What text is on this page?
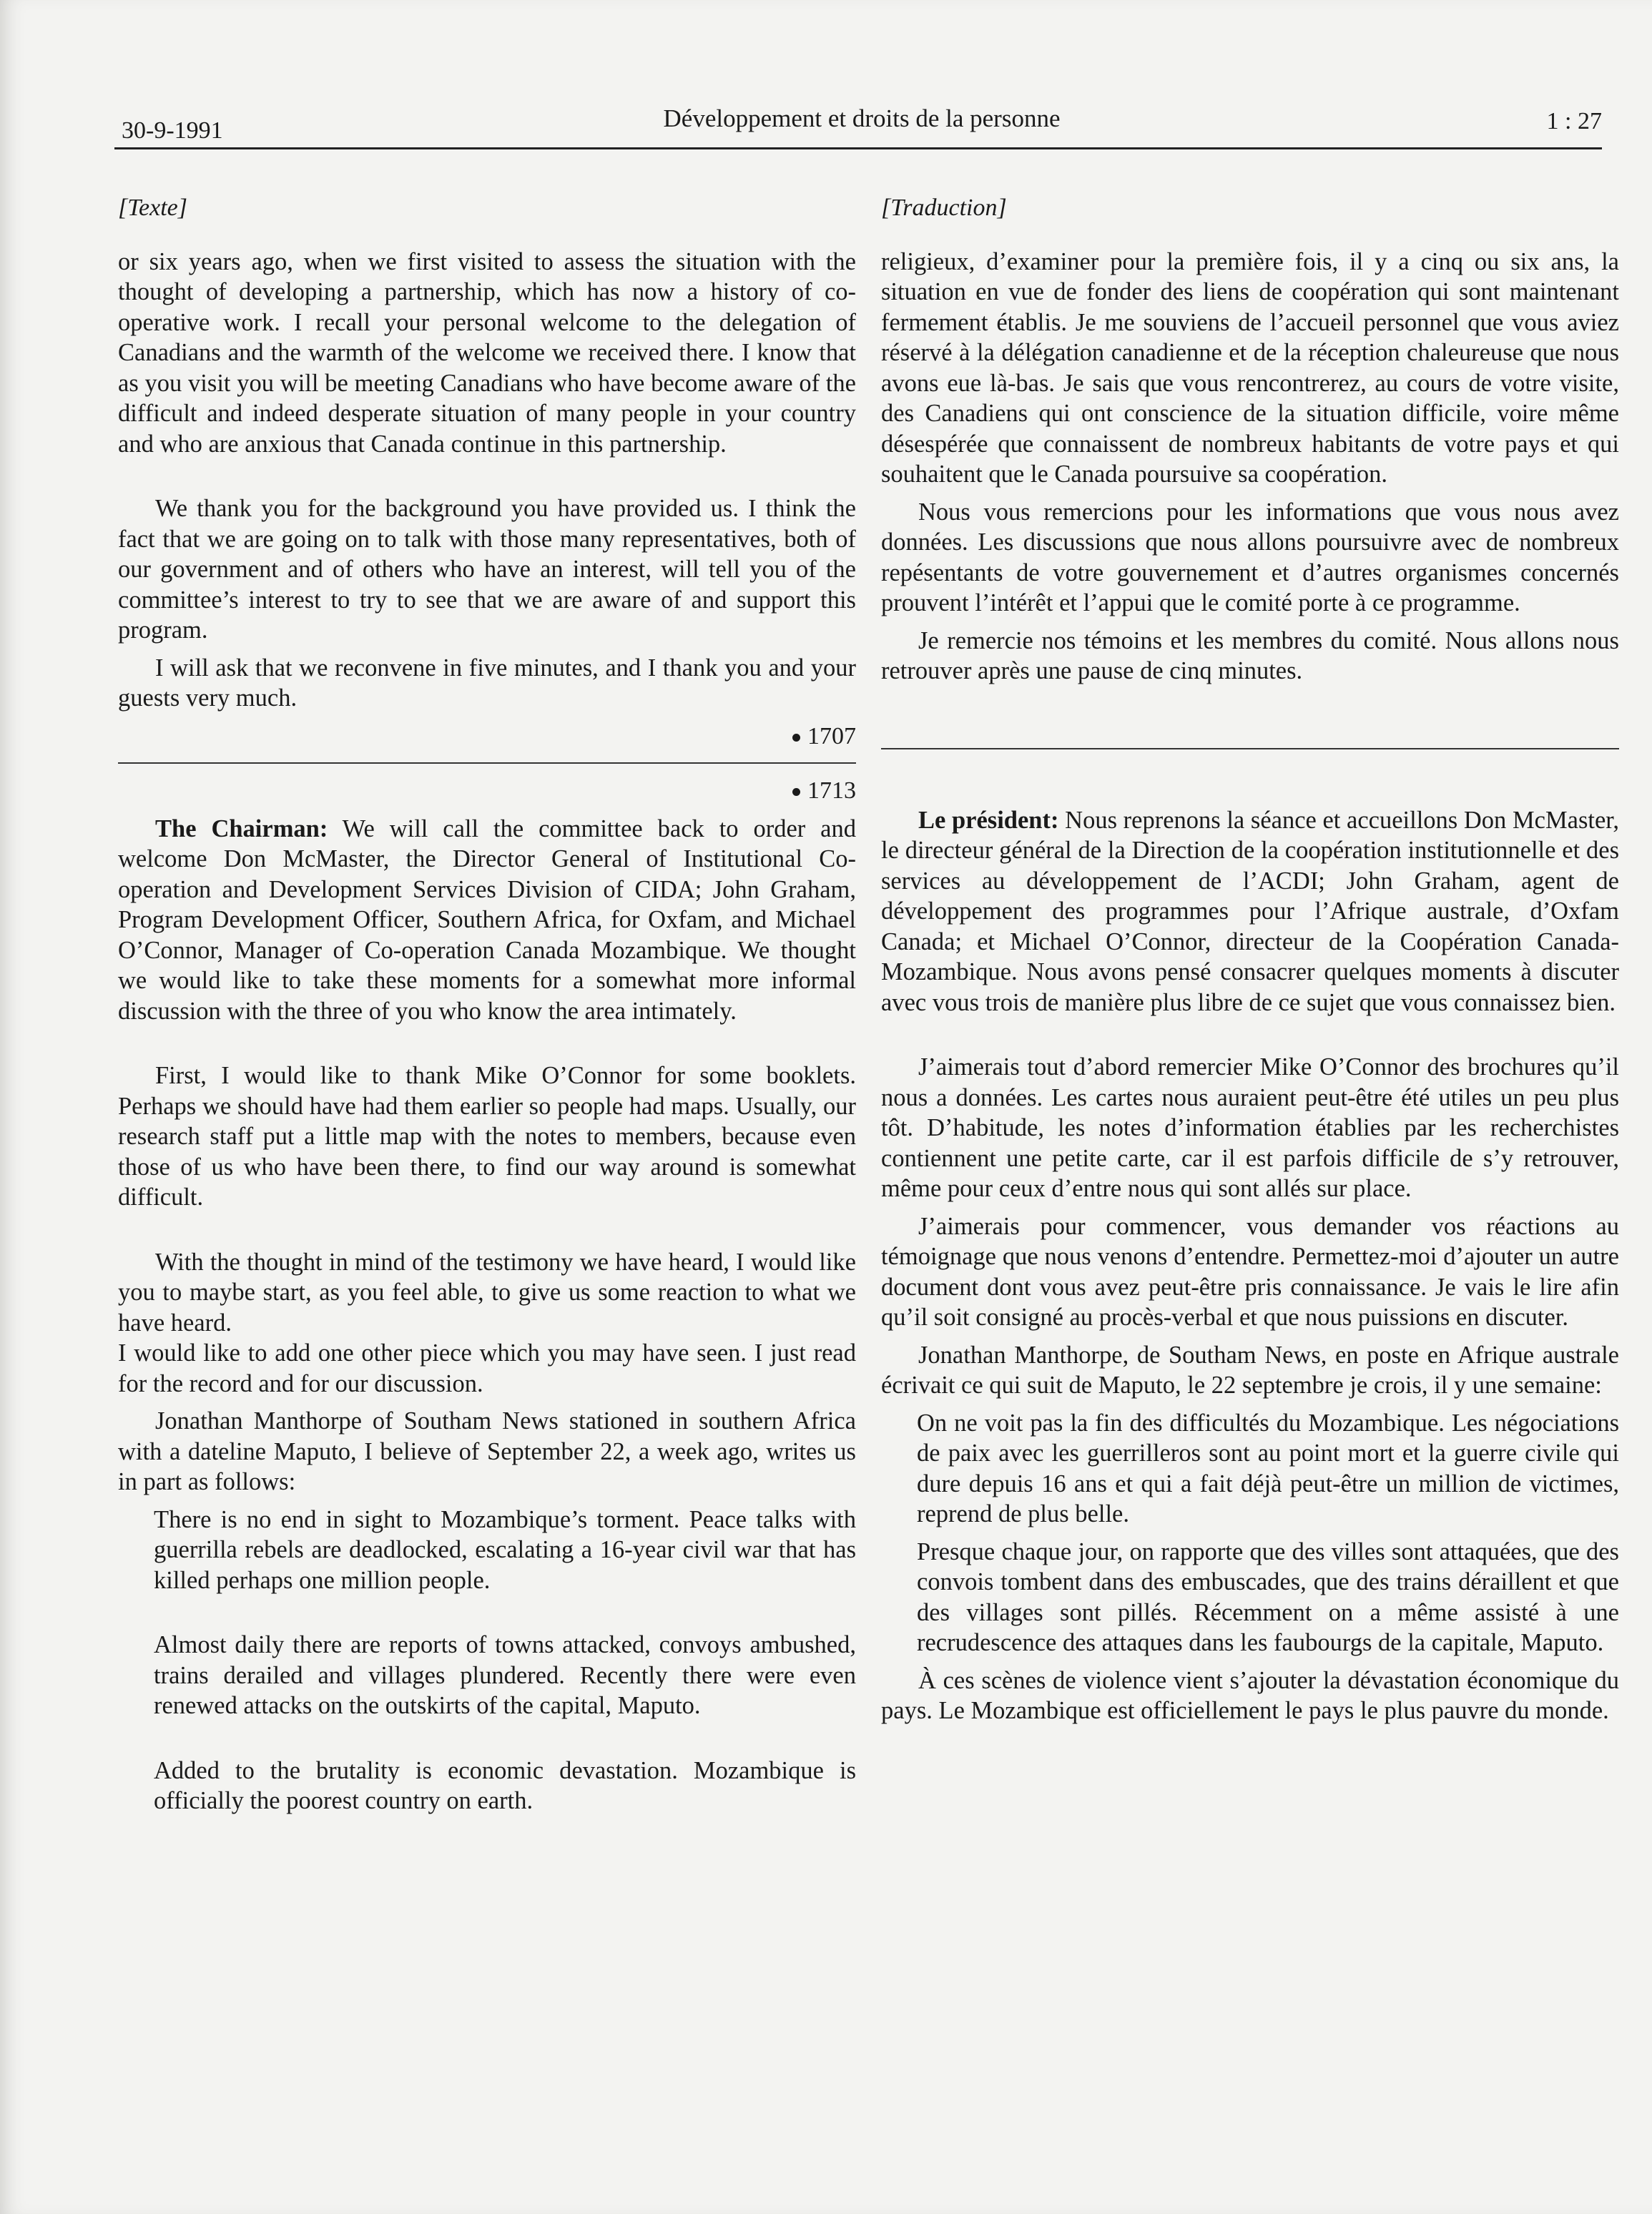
30-9-1991	Développement et droits de la personne	1 : 27

[Texte]

or six years ago, when we first visited to assess the situation with the thought of developing a partnership, which has now a history of co-operative work. I recall your personal welcome to the delegation of Canadians and the warmth of the welcome we received there. I know that as you visit you will be meeting Canadians who have become aware of the difficult and indeed desperate situation of many people in your country and who are anxious that Canada continue in this partnership.

We thank you for the background you have provided us. I think the fact that we are going on to talk with those many representatives, both of our government and of others who have an interest, will tell you of the committee’s interest to try to see that we are aware of and support this program.

I will ask that we reconvene in five minutes, and I thank you and your guests very much.

1707
1713

The Chairman: We will call the committee back to order and welcome Don McMaster, the Director General of Institutional Co-operation and Development Services Division of CIDA; John Graham, Program Development Officer, Southern Africa, for Oxfam, and Michael O’Connor, Manager of Co-operation Canada Mozambique. We thought we would like to take these moments for a somewhat more informal discussion with the three of you who know the area intimately.

First, I would like to thank Mike O’Connor for some booklets. Perhaps we should have had them earlier so people had maps. Usually, our research staff put a little map with the notes to members, because even those of us who have been there, to find our way around is somewhat difficult.

With the thought in mind of the testimony we have heard, I would like you to maybe start, as you feel able, to give us some reaction to what we have heard.

I would like to add one other piece which you may have seen. I just read for the record and for our discussion.

Jonathan Manthorpe of Southam News stationed in southern Africa with a dateline Maputo, I believe of September 22, a week ago, writes us in part as follows:

There is no end in sight to Mozambique’s torment. Peace talks with guerrilla rebels are deadlocked, escalating a 16-year civil war that has killed perhaps one million people.

Almost daily there are reports of towns attacked, convoys ambushed, trains derailed and villages plundered. Recently there were even renewed attacks on the outskirts of the capital, Maputo.

Added to the brutality is economic devastation. Mozambique is officially the poorest country on earth.

[Traduction]

religieux, d’examiner pour la première fois, il y a cinq ou six ans, la situation en vue de fonder des liens de coopération qui sont maintenant fermement établis. Je me souviens de l’accueil personnel que vous aviez réservé à la délégation canadienne et de la réception chaleureuse que nous avons eue là-bas. Je sais que vous rencontrerez, au cours de votre visite, des Canadiens qui ont conscience de la situation difficile, voire même désespérée que connaissent de nombreux habitants de votre pays et qui souhaitent que le Canada poursuive sa coopération.

Nous vous remercions pour les informations que vous nous avez données. Les discussions que nous allons poursuivre avec de nombreux repésentants de votre gouvernement et d’autres organismes concernés prouvent l’intérêt et l’appui que le comité porte à ce programme.

Je remercie nos témoins et les membres du comité. Nous allons nous retrouver après une pause de cinq minutes.

Le président: Nous reprenons la séance et accueillons Don McMaster, le directeur général de la Direction de la coopération institutionnelle et des services au développement de l’ACDI; John Graham, agent de développement des programmes pour l’Afrique australe, d’Oxfam Canada; et Michael O’Connor, directeur de la Coopération Canada-Mozambique. Nous avons pensé consacrer quelques moments à discuter avec vous trois de manière plus libre de ce sujet que vous connaissez bien.

J’aimerais tout d’abord remercier Mike O’Connor des brochures qu’il nous a données. Les cartes nous auraient peut-être été utiles un peu plus tôt. D’habitude, les notes d’information établies par les recherchistes contiennent une petite carte, car il est parfois difficile de s’y retrouver, même pour ceux d’entre nous qui sont allés sur place.

J’aimerais pour commencer, vous demander vos réactions au témoignage que nous venons d’entendre. Permettez-moi d’ajouter un autre document dont vous avez peut-être pris connaissance. Je vais le lire afin qu’il soit consigné au procès-verbal et que nous puissions en discuter.

Jonathan Manthorpe, de Southam News, en poste en Afrique australe écrivait ce qui suit de Maputo, le 22 septembre je crois, il y une semaine:

On ne voit pas la fin des difficultés du Mozambique. Les négociations de paix avec les guerrilleros sont au point mort et la guerre civile qui dure depuis 16 ans et qui a fait déjà peut-être un million de victimes, reprend de plus belle.

Presque chaque jour, on rapporte que des villes sont attaquées, que des convois tombent dans des embuscades, que des trains déraillent et que des villages sont pillés. Récemment on a même assisté à une recrudescence des attaques dans les faubourgs de la capitale, Maputo.

À ces scènes de violence vient s’ajouter la dévastation économique du pays. Le Mozambique est officiellement le pays le plus pauvre du monde.
